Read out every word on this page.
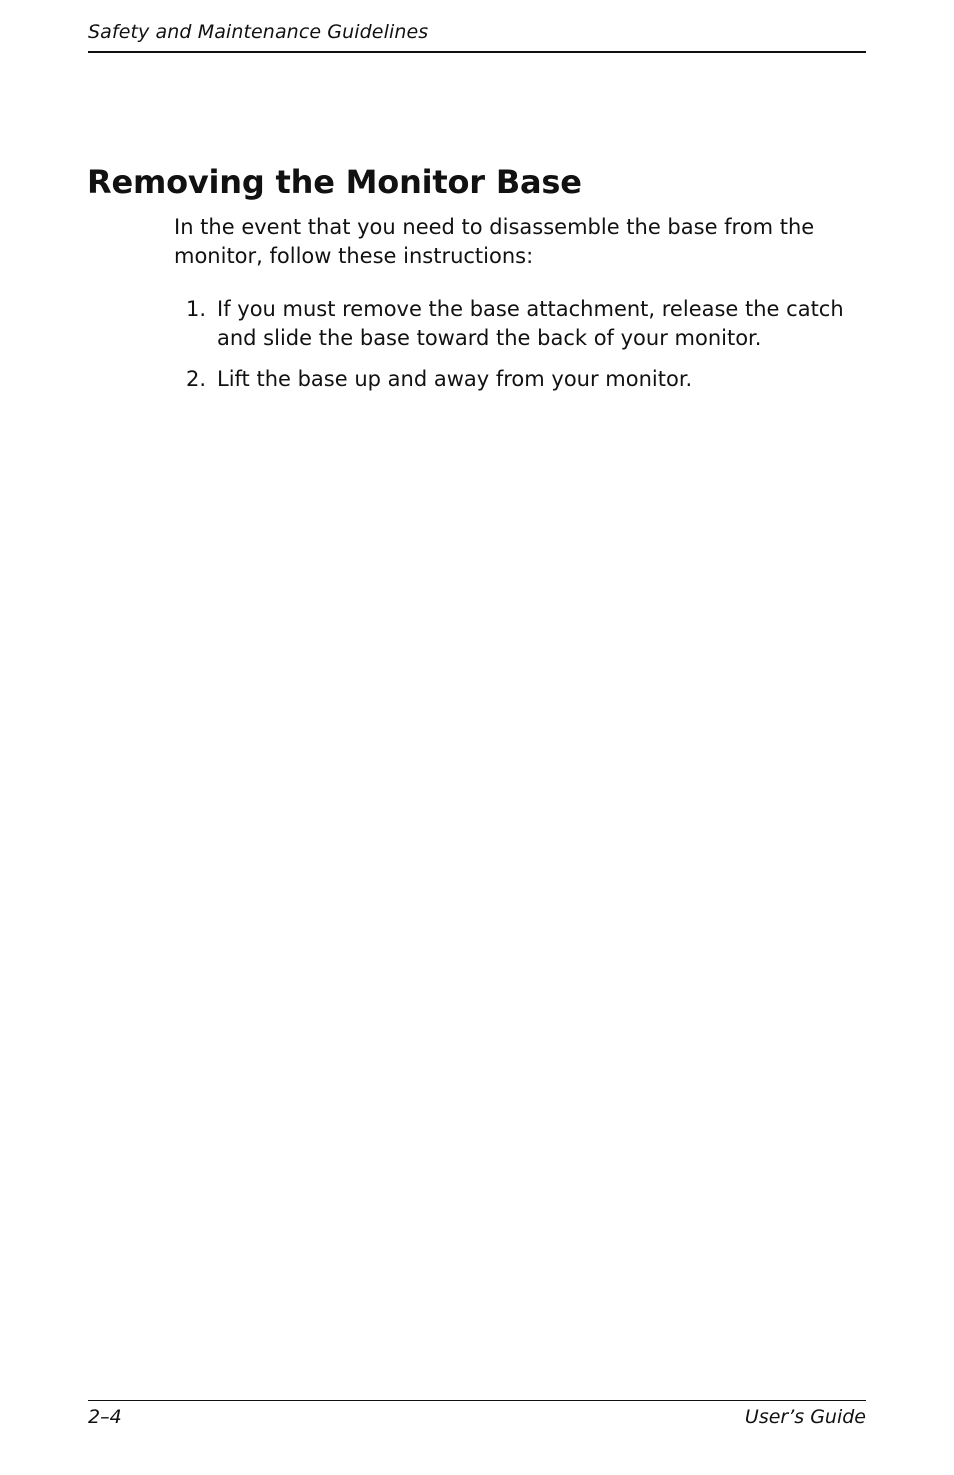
Safety and Maintenance Guidelines
Removing the Monitor Base

In the event that you need to disassemble the base from the monitor, follow these instructions:

1. If you must remove the base attachment, release the catch and slide the base toward the back of your monitor.
2. Lift the base up and away from your monitor.
2–4	User’s Guide
